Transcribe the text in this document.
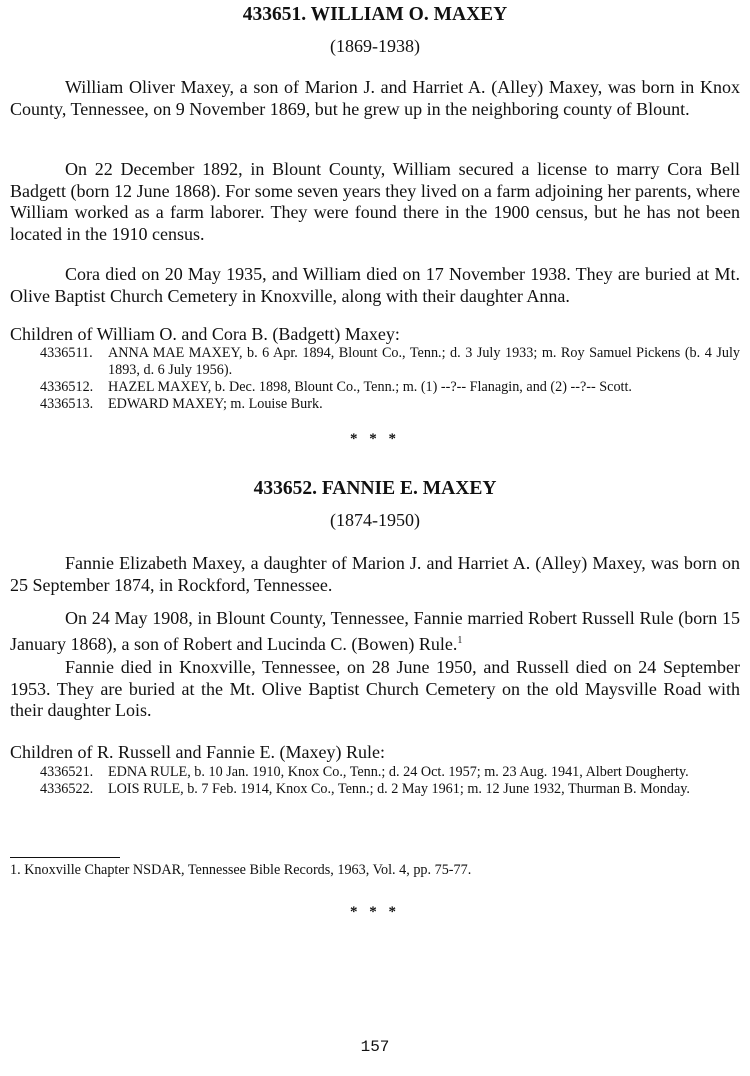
433651. WILLIAM O. MAXEY

(1869-1938)

William Oliver Maxey, a son of Marion J. and Harriet A. (Alley) Maxey, was born in Knox County, Tennessee, on 9 November 1869, but he grew up in the neighboring county of Blount.

On 22 December 1892, in Blount County, William secured a license to marry Cora Bell Badgett (born 12 June 1868). For some seven years they lived on a farm adjoining her parents, where William worked as a farm laborer. They were found there in the 1900 census, but he has not been located in the 1910 census.

Cora died on 20 May 1935, and William died on 17 November 1938. They are buried at Mt. Olive Baptist Church Cemetery in Knoxville, along with their daughter Anna.

Children of William O. and Cora B. (Badgett) Maxey:

4336511.	ANNA MAE MAXEY, b. 6 Apr. 1894, Blount Co., Tenn.; d. 3 July 1933; m. Roy Samuel Pickens (b. 4 July 1893, d. 6 July 1956).
4336512.	HAZEL MAXEY, b. Dec. 1898, Blount Co., Tenn.; m. (1) --?-- Flanagin, and (2) --?-- Scott.
4336513.	EDWARD MAXEY; m. Louise Burk.

* * *

433652. FANNIE E. MAXEY

(1874-1950)

Fannie Elizabeth Maxey, a daughter of Marion J. and Harriet A. (Alley) Maxey, was born on 25 September 1874, in Rockford, Tennessee.

On 24 May 1908, in Blount County, Tennessee, Fannie married Robert Russell Rule (born 15 January 1868), a son of Robert and Lucinda C. (Bowen) Rule.$^1$

Fannie died in Knoxville, Tennessee, on 28 June 1950, and Russell died on 24 September 1953. They are buried at the Mt. Olive Baptist Church Cemetery on the old Maysville Road with their daughter Lois.

Children of R. Russell and Fannie E. (Maxey) Rule:

4336521.	EDNA RULE, b. 10 Jan. 1910, Knox Co., Tenn.; d. 24 Oct. 1957; m. 23 Aug. 1941, Albert Dougherty.
4336522.	LOIS RULE, b. 7 Feb. 1914, Knox Co., Tenn.; d. 2 May 1961; m. 12 June 1932, Thurman B. Monday.

1. Knoxville Chapter NSDAR, Tennessee Bible Records, 1963, Vol. 4, pp. 75-77.

* * *

157
